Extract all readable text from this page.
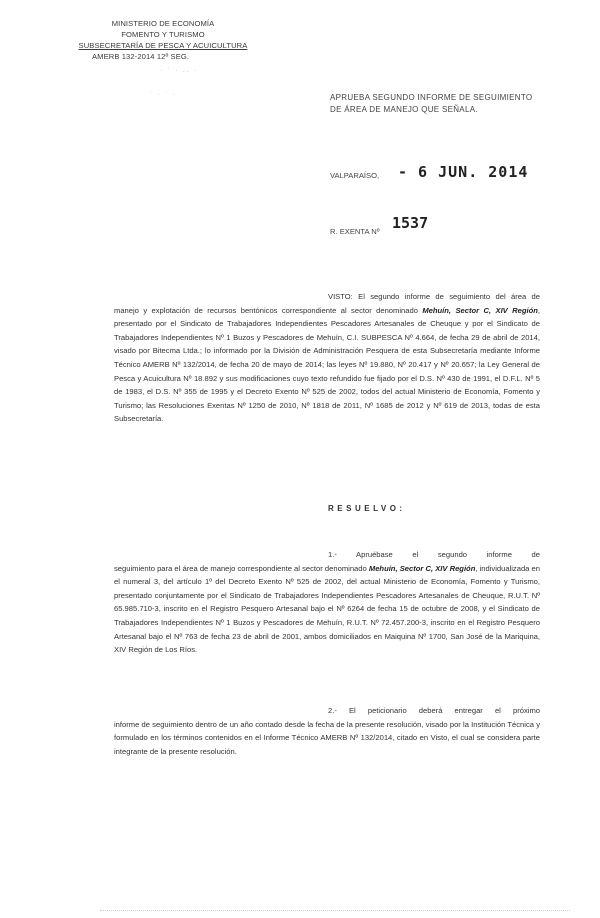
MINISTERIO DE ECONOMÍA
FOMENTO Y TURISMO
SUBSECRETARÍA DE PESCA Y ACUICULTURA
AMERB 132-2014 12º SEG.
· ˙ · .. ·
˙ · ˙ ·	APRUEBA SEGUNDO INFORME DE SEGUIMIENTO
DE ÁREA DE MANEJO QUE SEÑALA.
VALPARAÍSO, - 6 JUN. 2014
R. EXENTA Nº 1537
VISTO: El segundo informe de seguimiento del área de manejo y explotación de recursos bentónicos correspondiente al sector denominado Mehuín, Sector C, XIV Región, presentado por el Sindicato de Trabajadores Independientes Pescadores Artesanales de Cheuque y por el Sindicato de Trabajadores Independientes Nº 1 Buzos y Pescadores de Mehuín, C.I. SUBPESCA Nº 4.664, de fecha 29 de abril de 2014, visado por Bitecma Ltda.; lo informado por la División de Administración Pesquera de esta Subsecretaría mediante Informe Técnico AMERB Nº 132/2014, de fecha 20 de mayo de 2014; las leyes Nº 19.880, Nº 20.417 y Nº 20.657; la Ley General de Pesca y Acuicultura Nº 18.892 y sus modificaciones cuyo texto refundido fue fijado por el D.S. Nº 430 de 1991, el D.F.L. Nº 5 de 1983, el D.S. Nº 355 de 1995 y el Decreto Exento Nº 525 de 2002, todos del actual Ministerio de Economía, Fomento y Turismo; las Resoluciones Exentas Nº 1250 de 2010, Nº 1818 de 2011, Nº 1685 de 2012 y Nº 619 de 2013, todas de esta Subsecretaría.
RESUELVO:
1.- Apruébase el segundo informe de
seguimiento para el área de manejo correspondiente al sector denominado Mehuín, Sector C, XIV Región, individualizada en el numeral 3, del artículo 1º del Decreto Exento Nº 525 de 2002, del actual Ministerio de Economía, Fomento y Turismo, presentado conjuntamente por el Sindicato de Trabajadores Independientes Pescadores Artesanales de Cheuque, R.U.T. Nº 65.985.710-3, inscrito en el Registro Pesquero Artesanal bajo el Nº 6264 de fecha 15 de octubre de 2008, y el Sindicato de Trabajadores Independientes Nº 1 Buzos y Pescadores de Mehuín, R.U.T. Nº 72.457.200-3, inscrito en el Registro Pesquero Artesanal bajo el Nº 763 de fecha 23 de abril de 2001, ambos domiciliados en Maiquina Nº 1700, San José de la Mariquina, XIV Región de Los Ríos.
2.- El peticionario deberá entregar el próximo
informe de seguimiento dentro de un año contado desde la fecha de la presente resolución, visado por la Institución Técnica y formulado en los términos contenidos en el Informe Técnico AMERB Nº 132/2014, citado en Visto, el cual se considera parte integrante de la presente resolución.
